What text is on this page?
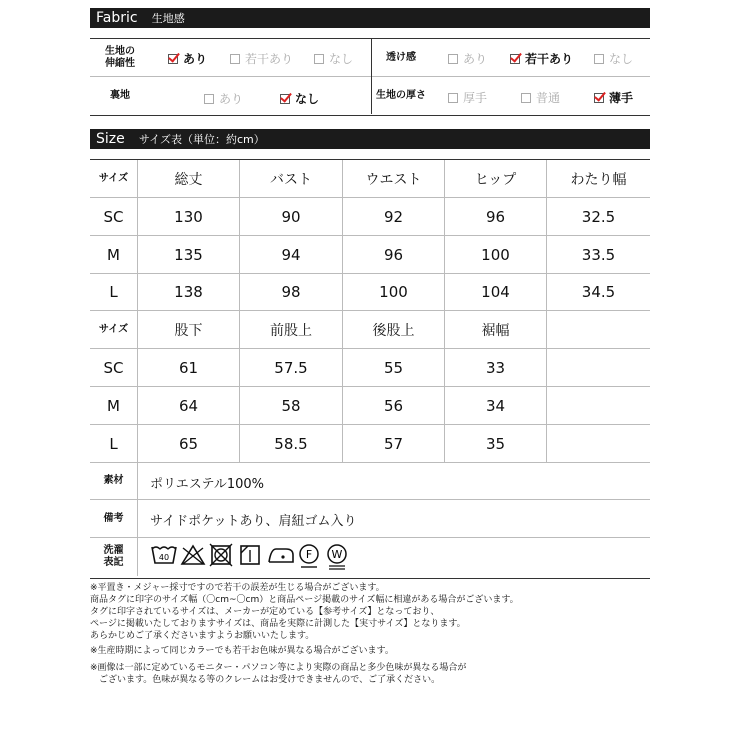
Fabric 生地感
生地の
伸縮性	あり	若干あり	なし	透け感	あり	若干あり	なし
裏地	あり	なし	生地の厚さ	厚手	普通	薄手
Size サイズ表（単位：約cm）
サイズ	総丈	バスト	ウエスト	ヒップ	わたり幅
SC	130	90	92	96	32.5
M	135	94	96	100	33.5
L	138	98	100	104	34.5
サイズ	股下	前股上	後股上	裾幅
SC	61	57.5	55	33
M	64	58	56	34
L	65	58.5	57	35
素材	ポリエステル100%
備考	サイドポケットあり、肩紐ゴム入り
洗濯
表記	40	F W
※平置き・メジャー採寸ですので若干の誤差が生じる場合がございます。
商品タグに印字のサイズ幅（〇cm~〇cm）と商品ページ掲載のサイズ幅に相違がある場合がございます。
タグに印字されているサイズは、メーカーが定めている【参考サイズ】となっており、
ページに掲載いたしておりますサイズは、商品を実際に計測した【実寸サイズ】となります。
あらかじめご了承くださいますようお願いいたします。
※生産時期によって同じカラーでも若干お色味が異なる場合がございます。
※画像は一部に定めているモニター・パソコン等により実際の商品と多少色味が異なる場合が
　ございます。色味が異なる等のクレームはお受けできませんので、ご了承ください。
